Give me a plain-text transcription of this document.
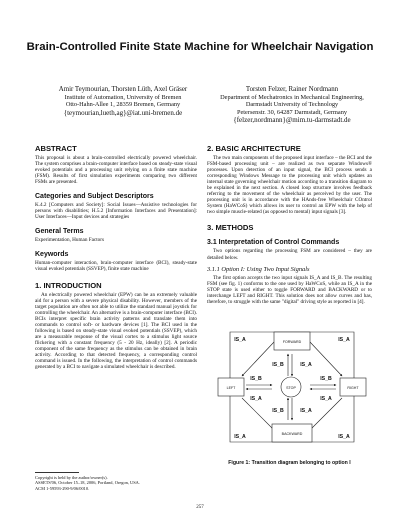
Brain-Controlled Finite State Machine for Wheelchair Navigation
Amir Teymourian, Thorsten Lüth, Axel Gräser
Institute of Automation, University of Bremen
Otto-Hahn-Allee 1, 28359 Bremen, Germany
{teymourian,lueth,ag}@iat.uni-bremen.de
Torsten Felzer, Rainer Nordmann
Department of Mechatronics in Mechanical Engineering, Darmstadt University of Technology
Petersenstr. 30, 64287 Darmstadt, Germany
{felzer,nordmann}@mim.tu-darmstadt.de
ABSTRACT

This proposal is about a brain-controlled electrically powered wheelchair. The system comprises a brain-computer interface based on steady-state visual evoked potentials and a processing unit relying on a finite state machine (FSM). Results of first simulation experiments comparing two different FSMs are presented.

Categories and Subject Descriptors

K.4.2 [Computers and Society]: Social Issues—Assistive technologies for persons with disabilities; H.5.2 [Information Interfaces and Presentation]: User Interfaces—Input devices and strategies

General Terms

Experimentation, Human Factors

Keywords

Human-computer interaction, brain-computer interface (BCI), steady-state visual evoked potentials (SSVEP), finite state machine

1. INTRODUCTION

An electrically powered wheelchair (EPW) can be an extremely valuable aid for a person with a severe physical disability. However, members of the target population are often not able to utilize the standard manual joystick for controlling the wheelchair. An alternative is a brain-computer interface (BCI). BCIs interpret specific brain activity patterns and translate them into commands to control soft- or hardware devices [1]. The BCI used in the following is based on steady-state visual evoked potentials (SSVEP), which are a measurable response of the visual cortex to a stimulus light source flickering with a constant frequency (5 - 20 Hz, ideally) [2]. A periodic component of the same frequency as the stimulus can be obtained in brain activity. According to that detected frequency, a corresponding control command is issued. In the following, the interpretation of control commands generated by a BCI to navigate a simulated wheelchair is described.

Copyright is held by the author/owner(s).
ASSETS'06, October 15–18, 2006, Portland, Oregon, USA.
ACM 1-59593-290-9/06/0010.
2. BASIC ARCHITECTURE

The two main components of the proposed input interface – the BCI and the FSM-based processing unit – are realized as two separate Windows® processes. Upon detection of an input signal, the BCI process sends a corresponding Windows Message to the processing unit which updates an internal state governing wheelchair motion according to a transition diagram to be explained in the next section. A closed loop structure involves feedback referring to the movement of the wheelchair as perceived by the user. The processing unit is in accordance with the HAnds-free Wheelchair COntrol System (HaWCoS) which allows its user to control an EPW with the help of two simple muscle-related (as opposed to mental) input signals [3].

3. METHODS
3.1 Interpretation of Control Commands

Two options regarding the processing FSM are considered – they are detailed below.

3.1.1 Option I: Using Two Input Signals

The first option accepts the two input signals IS_A and IS_B. The resulting FSM (see fig. 1) conforms to the one used by HaWCoS, while an IS_A in the STOP state is used either to toggle FORWARD and BACKWARD or to interchange LEFT and RIGHT. This solution does not allow curves and has, therefore, to struggle with the same "digital" driving style as reported in [4].

FORWARD
LEFT	RIGHT
BACKWARD
STOP
IS_A	IS_A
IS_B	IS_A
IS_B	IS_B
IS_A	IS_A
IS_B	IS_A
IS_A	IS_A
Figure 1: Transition diagram belonging to option I
257
